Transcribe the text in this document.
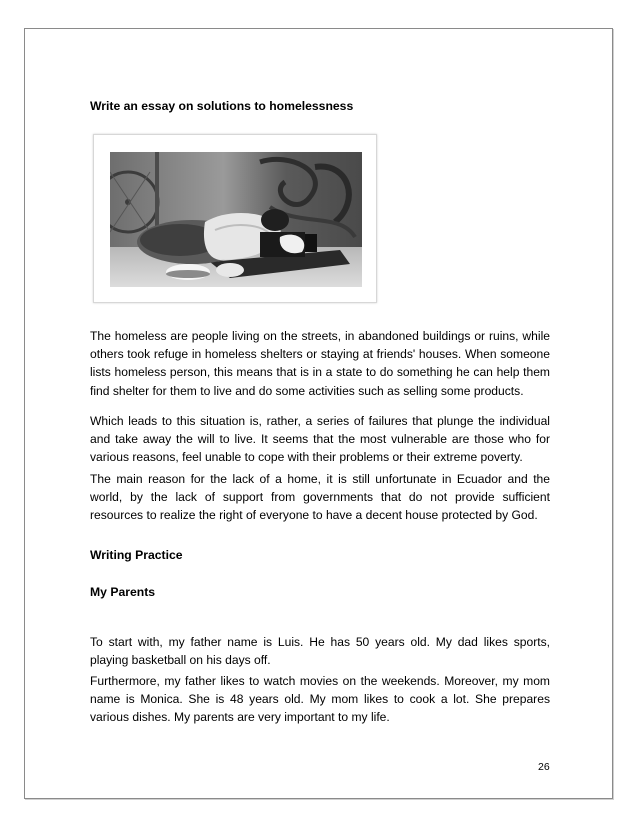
Write an essay on solutions to homelessness

The homeless are people living on the streets, in abandoned buildings or ruins, while others took refuge in homeless shelters or staying at friends' houses. When someone lists homeless person, this means that is in a state to do something he can help them find shelter for them to live and do some activities such as selling some products.

Which leads to this situation is, rather, a series of failures that plunge the individual and take away the will to live. It seems that the most vulnerable are those who for various reasons, feel unable to cope with their problems or their extreme poverty.

The main reason for the lack of a home, it is still unfortunate in Ecuador and the world, by the lack of support from governments that do not provide sufficient resources to realize the right of everyone to have a decent house protected by God.

Writing Practice
My Parents

To start with, my father name is Luis. He has 50 years old. My dad likes sports, playing basketball on his days off.

Furthermore, my father likes to watch movies on the weekends. Moreover, my mom name is Monica. She is 48 years old. My mom likes to cook a lot. She prepares various dishes. My parents are very important to my life.

26
